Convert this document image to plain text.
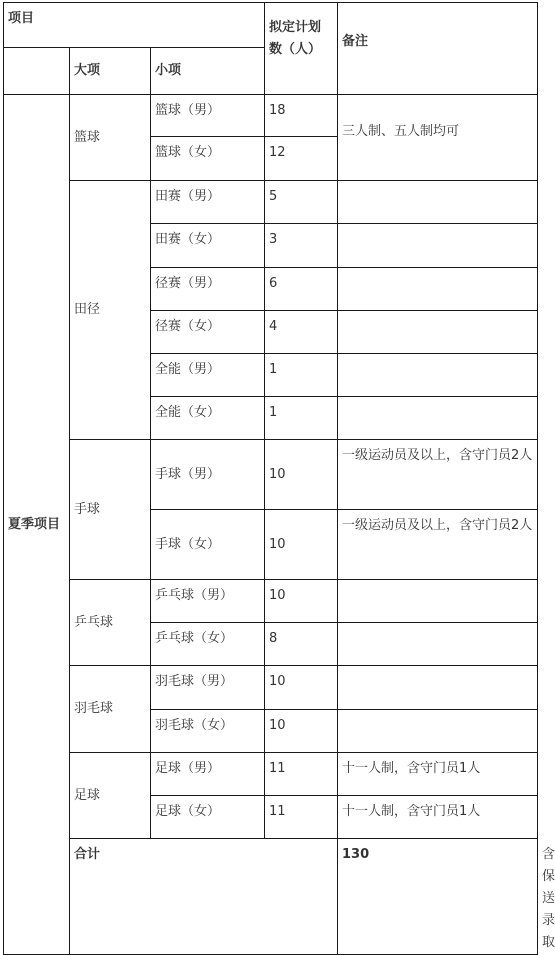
项目			拟定计划数（人）	备注	
	大项	小项			
夏季项目	篮球	篮球（男）	18	三人制、五人制均可	
		篮球（女）	12		
	田径	田赛（男）	5		
		田赛（女）	3		
		径赛（男）	6		
		径赛（女）	4		
		全能（男）	1		
		全能（女）	1		
	手球	手球（男）	10	一级运动员及以上，含守门员2人	
		手球（女）	10	一级运动员及以上，含守门员2人	
	乒乓球	乒乓球（男）	10		
		乒乓球（女）	8		
	羽毛球	羽毛球（男）	10		
		羽毛球（女）	10		
	足球	足球（男）	11	十一人制，含守门员1人	
		足球（女）	11	十一人制，含守门员1人	
	合计			130	含保送录取
